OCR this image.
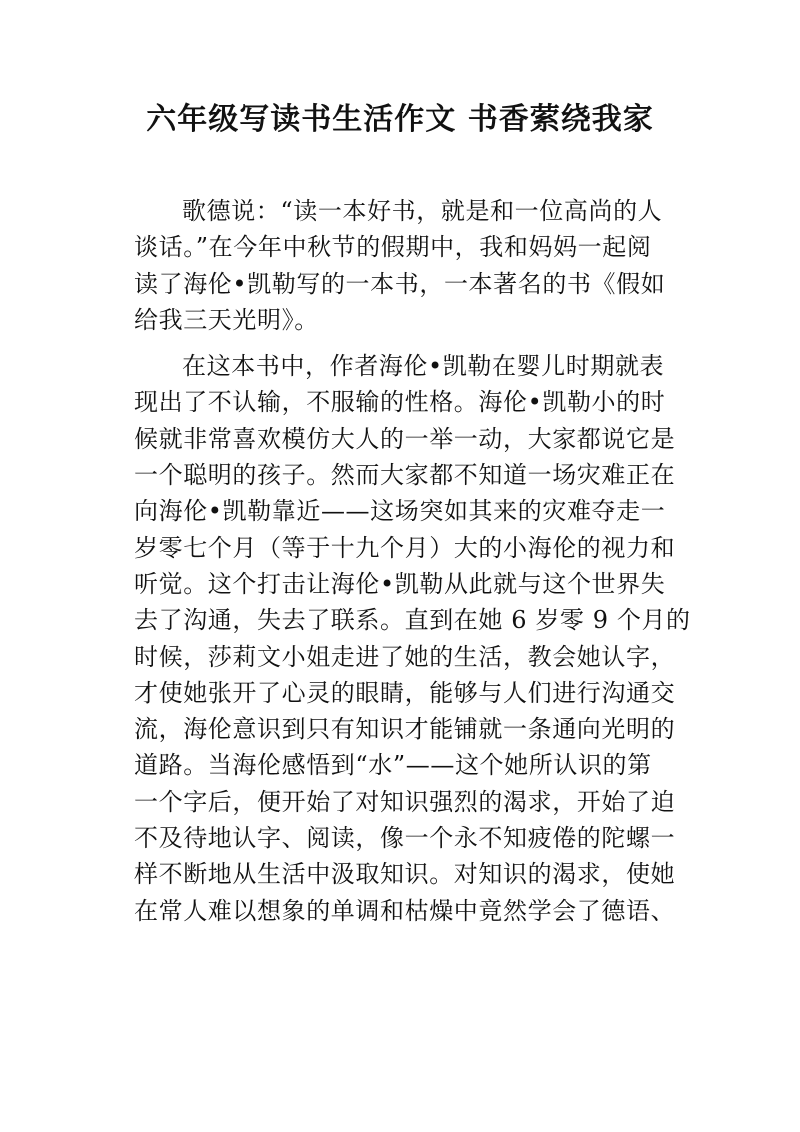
六年级写读书生活作文 书香萦绕我家
歌德说：“读一本好书，就是和一位高尚的人
谈话。”在今年中秋节的假期中，我和妈妈一起阅
读了海伦•凯勒写的一本书，一本著名的书《假如
给我三天光明》。
在这本书中，作者海伦•凯勒在婴儿时期就表
现出了不认输，不服输的性格。海伦•凯勒小的时
候就非常喜欢模仿大人的一举一动，大家都说它是
一个聪明的孩子。然而大家都不知道一场灾难正在
向海伦•凯勒靠近——这场突如其来的灾难夺走一
岁零七个月（等于十九个月）大的小海伦的视力和
听觉。这个打击让海伦•凯勒从此就与这个世界失
去了沟通，失去了联系。直到在她 6 岁零 9 个月的
时候，莎莉文小姐走进了她的生活，教会她认字，
才使她张开了心灵的眼睛，能够与人们进行沟通交
流，海伦意识到只有知识才能铺就一条通向光明的
道路。当海伦感悟到“水”——这个她所认识的第
一个字后，便开始了对知识强烈的渴求，开始了迫
不及待地认字、阅读，像一个永不知疲倦的陀螺一
样不断地从生活中汲取知识。对知识的渴求，使她
在常人难以想象的单调和枯燥中竟然学会了德语、
